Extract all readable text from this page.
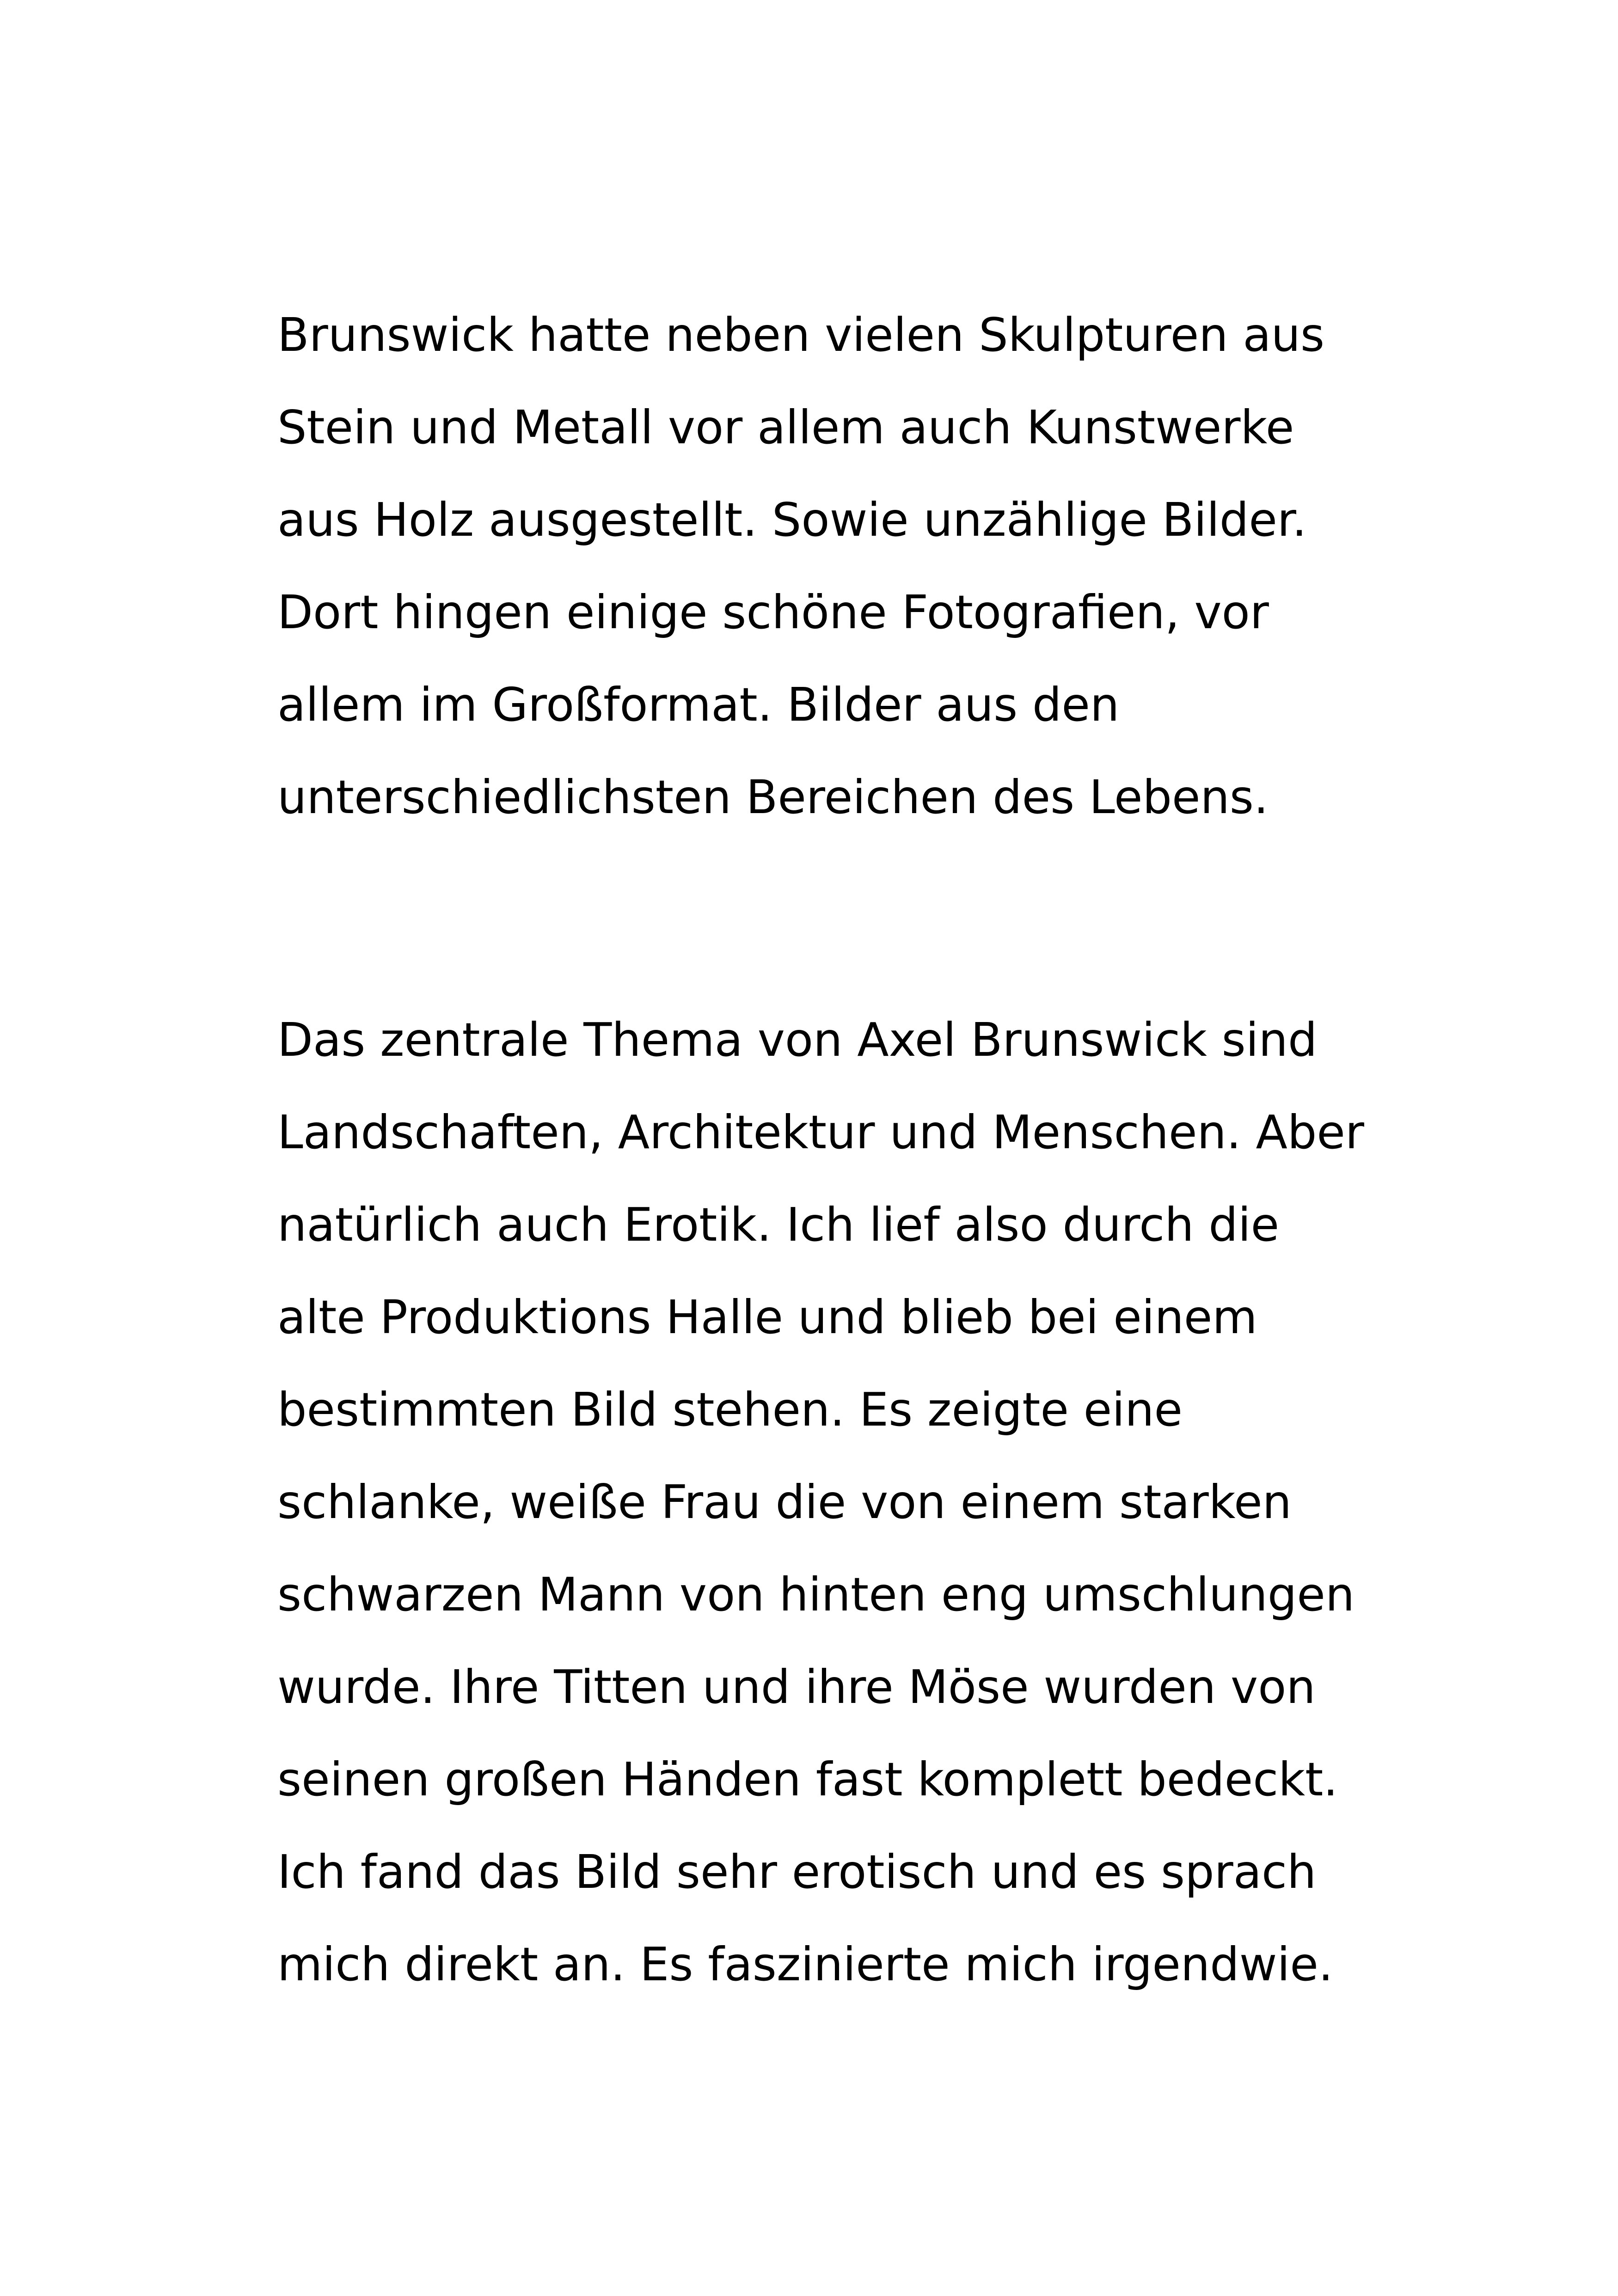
Brunswick hatte neben vielen Skulpturen aus
Stein und Metall vor allem auch Kunstwerke
aus Holz ausgestellt. Sowie unzählige Bilder.
Dort hingen einige schöne Fotografien, vor
allem im Großformat. Bilder aus den
unterschiedlichsten Bereichen des Lebens.
Das zentrale Thema von Axel Brunswick sind
Landschaften, Architektur und Menschen. Aber
natürlich auch Erotik. Ich lief also durch die
alte Produktions Halle und blieb bei einem
bestimmten Bild stehen. Es zeigte eine
schlanke, weiße Frau die von einem starken
schwarzen Mann von hinten eng umschlungen
wurde. Ihre Titten und ihre Möse wurden von
seinen großen Händen fast komplett bedeckt.
Ich fand das Bild sehr erotisch und es sprach
mich direkt an. Es faszinierte mich irgendwie.
